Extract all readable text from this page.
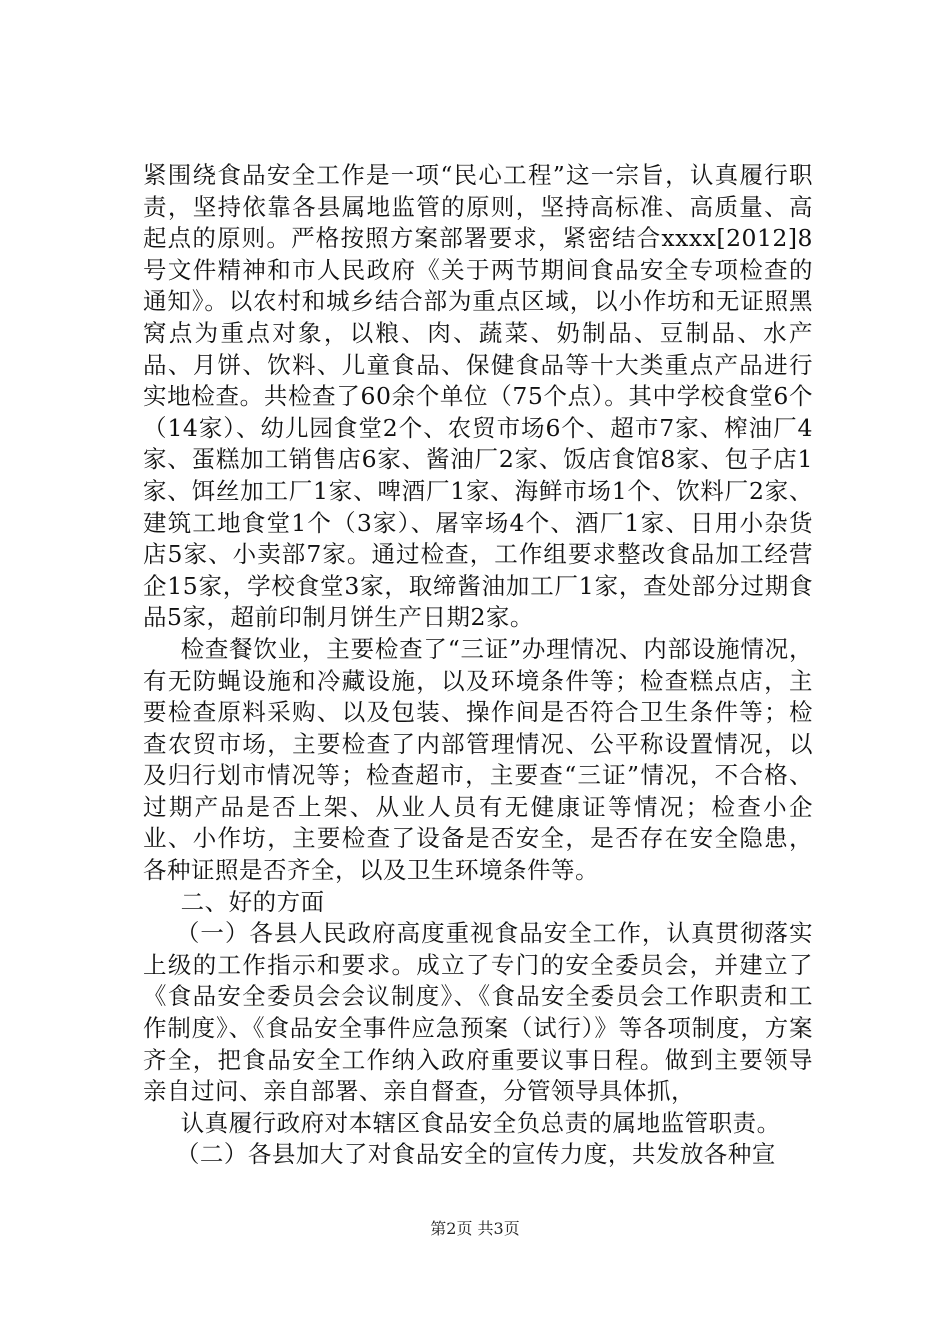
紧围绕食品安全工作是一项“民心工程”这一宗旨，认真履行职责，坚持依靠各县属地监管的原则，坚持高标准、高质量、高起点的原则。严格按照方案部署要求，紧密结合xxxx[2012]8号文件精神和市人民政府《关于两节期间食品安全专项检查的通知》。以农村和城乡结合部为重点区域，以小作坊和无证照黑窝点为重点对象，以粮、肉、蔬菜、奶制品、豆制品、水产品、月饼、饮料、儿童食品、保健食品等十大类重点产品进行实地检查。共检查了60余个单位（75个点）。其中学校食堂6个（14家）、幼儿园食堂2个、农贸市场6个、超市7家、榨油厂4家、蛋糕加工销售店6家、酱油厂2家、饭店食馆8家、包子店1家、饵丝加工厂1家、啤酒厂1家、海鲜市场1个、饮料厂2家、建筑工地食堂1个（3家）、屠宰场4个、酒厂1家、日用小杂货店5家、小卖部7家。通过检查，工作组要求整改食品加工经营企15家，学校食堂3家，取缔酱油加工厂1家，查处部分过期食品5家，超前印制月饼生产日期2家。

检查餐饮业，主要检查了“三证”办理情况、内部设施情况，有无防蝇设施和冷藏设施，以及环境条件等；检查糕点店，主要检查原料采购、以及包装、操作间是否符合卫生条件等；检查农贸市场，主要检查了内部管理情况、公平称设置情况，以及归行划市情况等；检查超市，主要查“三证”情况，不合格、过期产品是否上架、从业人员有无健康证等情况；检查小企业、小作坊，主要检查了设备是否安全，是否存在安全隐患，各种证照是否齐全，以及卫生环境条件等。

二、好的方面

（一）各县人民政府高度重视食品安全工作，认真贯彻落实上级的工作指示和要求。成立了专门的安全委员会，并建立了《食品安全委员会会议制度》、《食品安全委员会工作职责和工作制度》、《食品安全事件应急预案（试行）》等各项制度，方案齐全，把食品安全工作纳入政府重要议事日程。做到主要领导亲自过问、亲自部署、亲自督查，分管领导具体抓，

认真履行政府对本辖区食品安全负总责的属地监管职责。

（二）各县加大了对食品安全的宣传力度，共发放各种宣

第2页 共3页
